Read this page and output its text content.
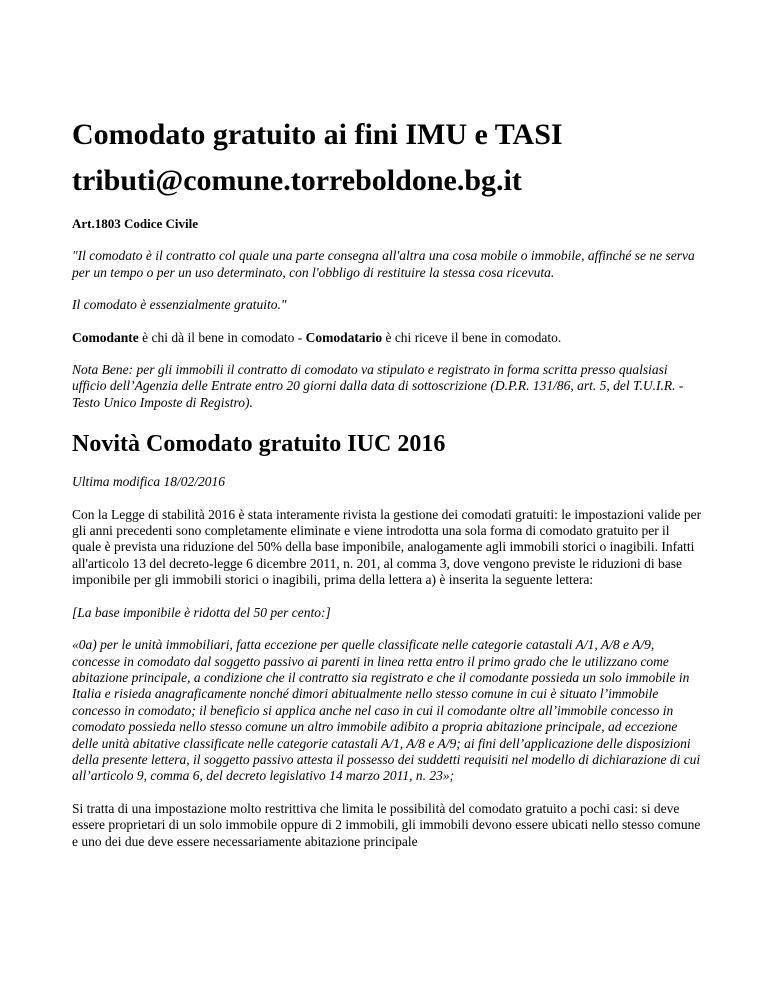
Comodato gratuito ai fini IMU e TASI
tributi@comune.torreboldone.bg.it

Art.1803 Codice Civile

"Il comodato è il contratto col quale una parte consegna all'altra una cosa mobile o immobile, affinché se ne serva per un tempo o per un uso determinato, con l'obbligo di restituire la stessa cosa ricevuta.

Il comodato è essenzialmente gratuito."

Comodante è chi dà il bene in comodato - Comodatario è chi riceve il bene in comodato.

Nota Bene: per gli immobili il contratto di comodato va stipulato e registrato in forma scritta presso qualsiasi ufficio dell’Agenzia delle Entrate entro 20 giorni dalla data di sottoscrizione (D.P.R. 131/86, art. 5, del T.U.I.R. - Testo Unico Imposte di Registro).

Novità Comodato gratuito IUC 2016

Ultima modifica 18/02/2016

Con la Legge di stabilità 2016 è stata interamente rivista la gestione dei comodati gratuiti: le impostazioni valide per gli anni precedenti sono completamente eliminate e viene introdotta una sola forma di comodato gratuito per il quale è prevista una riduzione del 50% della base imponibile, analogamente agli immobili storici o inagibili. Infatti all'articolo 13 del decreto-legge 6 dicembre 2011, n. 201, al comma 3, dove vengono previste le riduzioni di base imponibile per gli immobili storici o inagibili, prima della lettera a) è inserita la seguente lettera:

[La base imponibile è ridotta del 50 per cento:]

«0a) per le unità immobiliari, fatta eccezione per quelle classificate nelle categorie catastali A/1, A/8 e A/9, concesse in comodato dal soggetto passivo ai parenti in linea retta entro il primo grado che le utilizzano come abitazione principale, a condizione che il contratto sia registrato e che il comodante possieda un solo immobile in Italia e risieda anagraficamente nonché dimori abitualmente nello stesso comune in cui è situato l’immobile concesso in comodato; il beneficio si applica anche nel caso in cui il comodante oltre all’immobile concesso in comodato possieda nello stesso comune un altro immobile adibito a propria abitazione principale, ad eccezione delle unità abitative classificate nelle categorie catastali A/1, A/8 e A/9; ai fini dell’applicazione delle disposizioni della presente lettera, il soggetto passivo attesta il possesso dei suddetti requisiti nel modello di dichiarazione di cui all’articolo 9, comma 6, del decreto legislativo 14 marzo 2011, n. 23»;

Si tratta di una impostazione molto restrittiva che limita le possibilità del comodato gratuito a pochi casi: si deve essere proprietari di un solo immobile oppure di 2 immobili, gli immobili devono essere ubicati nello stesso comune e uno dei due deve essere necessariamente abitazione principale
